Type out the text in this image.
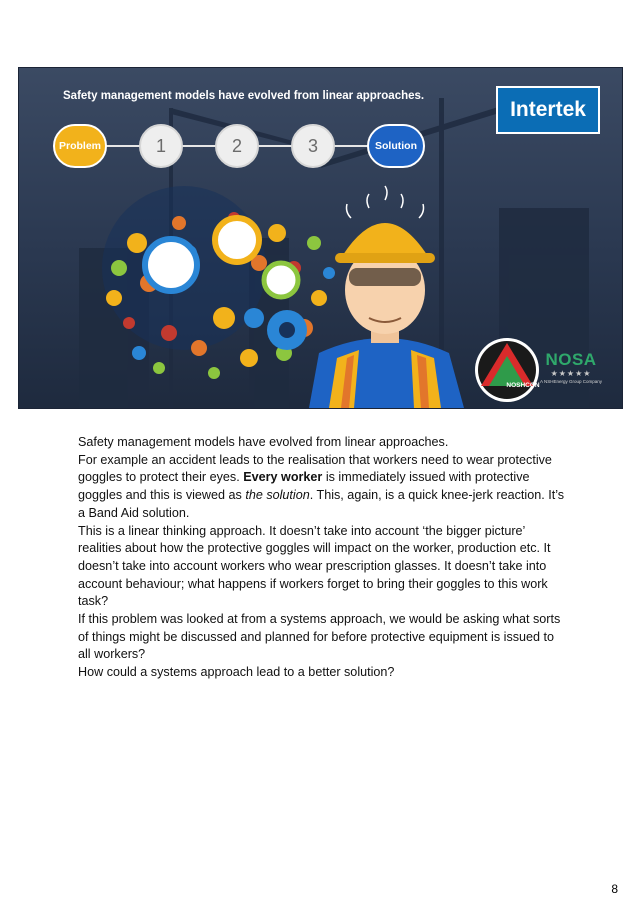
Safety management models have evolved from linear approaches.
Intertek
Problem	1	2	3	Solution
NOSHCON
NOSA
★★★★★
A NSHEnergy Group Company

Safety management models have evolved from linear approaches.

For example an accident leads to the realisation that workers need to wear protective goggles to protect their eyes. Every worker is immediately issued with protective goggles and this is viewed as the solution. This, again, is a quick knee-jerk reaction. It’s a Band Aid solution.

This is a linear thinking approach. It doesn’t take into account ‘the bigger picture’ realities about how the protective goggles will impact on the worker, production etc. It doesn’t take into account workers who wear prescription glasses. It doesn’t take into account behaviour; what happens if workers forget to bring their goggles to this work task?

If this problem was looked at from a systems approach, we would be asking what sorts of things might be discussed and planned for before protective equipment is issued to all workers?

How could a systems approach lead to a better solution?

8
